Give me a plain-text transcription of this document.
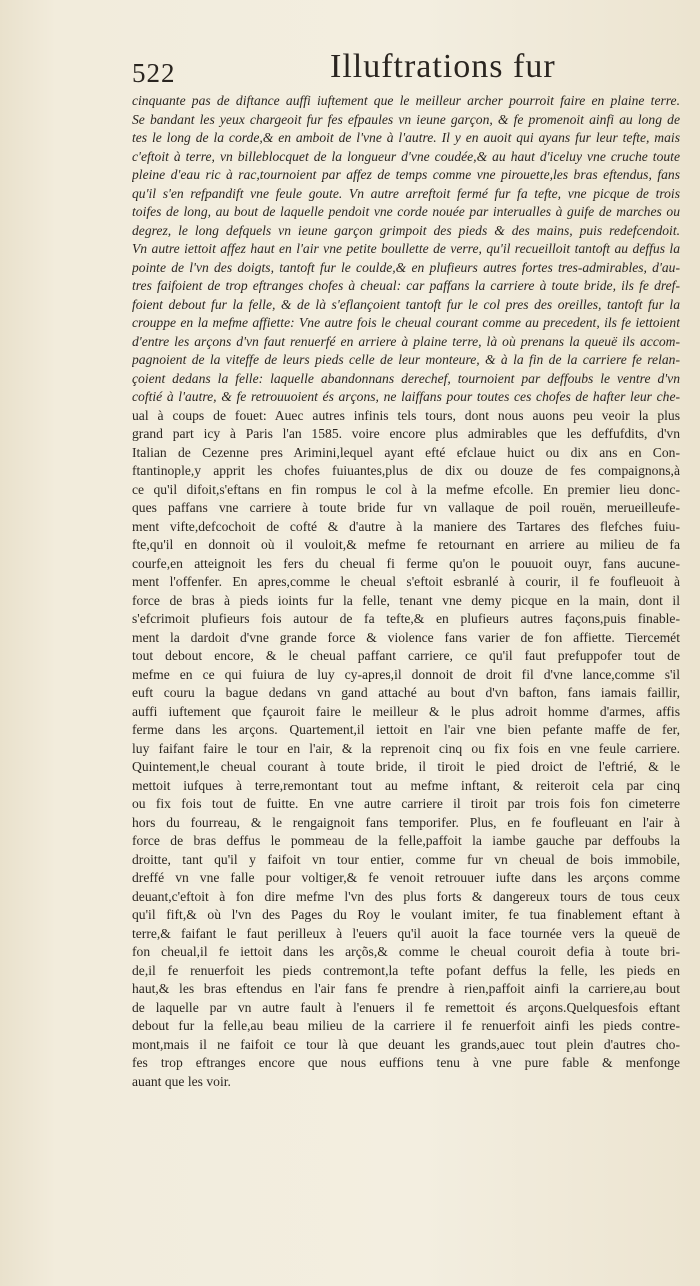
522	Illuftrations fur
cinquante pas de diftance auffi iuftement que le meilleur archer pourroit faire en plaine terre.
Se bandant les yeux chargeoit fur fes efpaules vn ieune garçon, & fe promenoit ainfi au long de
tes le long de la corde,& en amboit de l'vne à l'autre. Il y en auoit qui ayans fur leur tefte, mais
c'eftoit à terre, vn billeblocquet de la longueur d'vne coudée,& au haut d'iceluy vne cruche toute
pleine d'eau ric à rac,tournoient par affez de temps comme vne pirouette,les bras eftendus, fans
qu'il s'en refpandift vne feule goute. Vn autre arreftoit fermé fur fa tefte, vne picque de trois
toifes de long, au bout de laquelle pendoit vne corde nouée par interualles à guife de marches ou
degrez, le long defquels vn ieune garçon grimpoit des pieds & des mains, puis redefcendoit.
Vn autre iettoit affez haut en l'air vne petite boullette de verre, qu'il recueilloit tantoft au deffus la
pointe de l'vn des doigts, tantoft fur le coulde,& en plufieurs autres fortes tres-admirables, d'au-
tres faifoient de trop eftranges chofes à cheual: car paffans la carriere à toute bride, ils fe dref-
foient debout fur la felle, & de là s'eflançoient tantoft fur le col pres des oreilles, tantoft fur la
crouppe en la mefme affiette: Vne autre fois le cheual courant comme au precedent, ils fe iettoient
d'entre les arçons d'vn faut renuerfé en arriere à plaine terre, là où prenans la queuë ils accom-
pagnoient de la viteffe de leurs pieds celle de leur monteure, & à la fin de la carriere fe relan-
çoient dedans la felle: laquelle abandonnans derechef, tournoient par deffoubs le ventre d'vn
coftié à l'autre, & fe retrouuoient és arçons, ne laiffans pour toutes ces chofes de hafter leur che-
ual à coups de fouet: Auec autres infinis tels tours, dont nous auons peu veoir la plus
grand part icy à Paris l'an 1585. voire encore plus admirables que les deffufdits, d'vn
Italian de Cezenne pres Arimini,lequel ayant efté efclaue huict ou dix ans en Con-
ftantinople,y apprit les chofes fuiuantes,plus de dix ou douze de fes compaignons,à
ce qu'il difoit,s'eftans en fin rompus le col à la mefme efcolle. En premier lieu donc-
ques paffans vne carriere à toute bride fur vn vallaque de poil rouën, merueilleufe-
ment vifte,defcochoit de cofté & d'autre à la maniere des Tartares des flefches fuiu-
fte,qu'il en donnoit où il vouloit,& mefme fe retournant en arriere au milieu de fa
courfe,en atteignoit les fers du cheual fi ferme qu'on le pouuoit ouyr, fans aucune-
ment l'offenfer. En apres,comme le cheual s'eftoit esbranlé à courir, il fe foufleuoit à
force de bras à pieds ioints fur la felle, tenant vne demy picque en la main, dont il
s'efcrimoit plufieurs fois autour de fa tefte,& en plufieurs autres façons,puis finable-
ment la dardoit d'vne grande force & violence fans varier de fon affiette. Tiercemét
tout debout encore, & le cheual paffant carriere, ce qu'il faut prefuppofer tout de
mefme en ce qui fuiura de luy cy-apres,il donnoit de droit fil d'vne lance,comme s'il
euft couru la bague dedans vn gand attaché au bout d'vn bafton, fans iamais faillir,
auffi iuftement que fçauroit faire le meilleur & le plus adroit homme d'armes, affis
ferme dans les arçons. Quartement,il iettoit en l'air vne bien pefante maffe de fer,
luy faifant faire le tour en l'air, & la reprenoit cinq ou fix fois en vne feule carriere.
Quintement,le cheual courant à toute bride, il tiroit le pied droict de l'eftrié, & le
mettoit iufques à terre,remontant tout au mefme inftant, & reiteroit cela par cinq
ou fix fois tout de fuitte. En vne autre carriere il tiroit par trois fois fon cimeterre
hors du fourreau, & le rengaignoit fans temporifer. Plus, en fe foufleuant en l'air à
force de bras deffus le pommeau de la felle,paffoit la iambe gauche par deffoubs la
droitte, tant qu'il y faifoit vn tour entier, comme fur vn cheual de bois immobile,
dreffé vn vne falle pour voltiger,& fe venoit retrouuer iufte dans les arçons comme
deuant,c'eftoit à fon dire mefme l'vn des plus forts & dangereux tours de tous ceux
qu'il fift,& où l'vn des Pages du Roy le voulant imiter, fe tua finablement eftant à
terre,& faifant le faut perilleux à l'euers qu'il auoit la face tournée vers la queuë de
fon cheual,il fe iettoit dans les arçõs,& comme le cheual couroit defia à toute bri-
de,il fe renuerfoit les pieds contremont,la tefte pofant deffus la felle, les pieds en
haut,& les bras eftendus en l'air fans fe prendre à rien,paffoit ainfi la carriere,au bout
de laquelle par vn autre fault à l'enuers il fe remettoit és arçons.Quelquesfois eftant
debout fur la felle,au beau milieu de la carriere il fe renuerfoit ainfi les pieds contre-
mont,mais il ne faifoit ce tour là que deuant les grands,auec tout plein d'autres cho-
fes trop eftranges encore que nous euffions tenu à vne pure fable & menfonge
auant que les voir.
